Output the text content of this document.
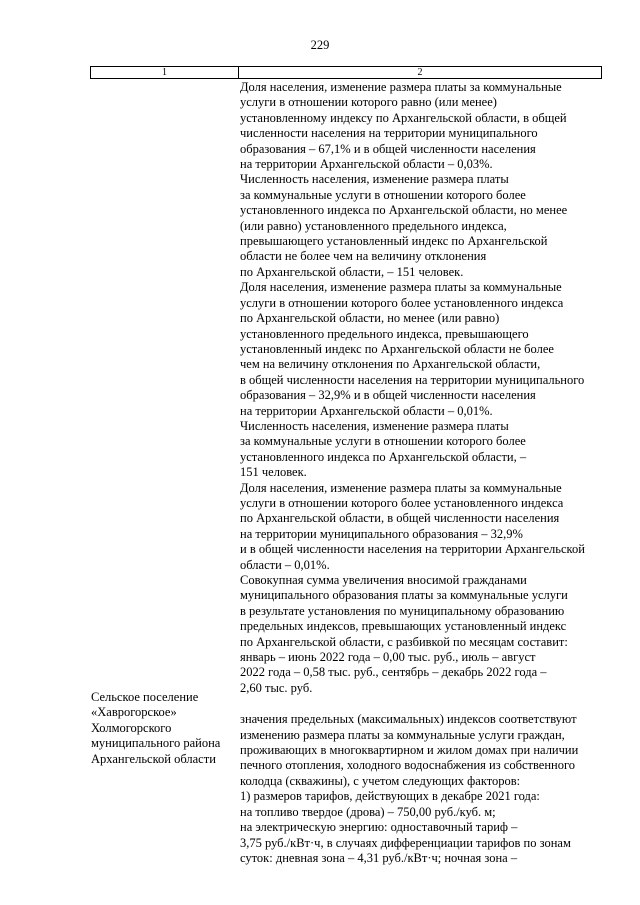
229
1	2
Доля населения, изменение размера платы за коммунальные
услуги в отношении которого равно (или менее)
установленному индексу по Архангельской области, в общей
численности населения на территории муниципального
образования – 67,1% и в общей численности населения
на территории Архангельской области – 0,03%.
Численность населения, изменение размера платы
за коммунальные услуги в отношении которого более
установленного индекса по Архангельской области, но менее
(или равно) установленного предельного индекса,
превышающего установленный индекс по Архангельской
области не более чем на величину отклонения
по Архангельской области, – 151 человек.
Доля населения, изменение размера платы за коммунальные
услуги в отношении которого более установленного индекса
по Архангельской области, но менее (или равно)
установленного предельного индекса, превышающего
установленный индекс по Архангельской области не более
чем на величину отклонения по Архангельской области,
в общей численности населения на территории муниципального
образования – 32,9% и в общей численности населения
на территории Архангельской области – 0,01%.
Численность населения, изменение размера платы
за коммунальные услуги в отношении которого более
установленного индекса по Архангельской области, –
151 человек.
Доля населения, изменение размера платы за коммунальные
услуги в отношении которого более установленного индекса
по Архангельской области, в общей численности населения
на территории муниципального образования – 32,9%
и в общей численности населения на территории Архангельской
области – 0,01%.
Совокупная сумма увеличения вносимой гражданами
муниципального образования платы за коммунальные услуги
в результате установления по муниципальному образованию
предельных индексов, превышающих установленный индекс
по Архангельской области, с разбивкой по месяцам составит:
январь – июнь 2022 года – 0,00 тыс. руб., июль – август
2022 года – 0,58 тыс. руб., сентябрь – декабрь 2022 года –
2,60 тыс. руб.
значения предельных (максимальных) индексов соответствуют
изменению размера платы за коммунальные услуги граждан,
проживающих в многоквартирном и жилом домах при наличии
печного отопления, холодного водоснабжения из собственного
колодца (скважины), с учетом следующих факторов:
1) размеров тарифов, действующих в декабре 2021 года:
на топливо твердое (дрова) – 750,00 руб./куб. м;
на электрическую энергию: одноставочный тариф –
3,75 руб./кВт·ч, в случаях дифференциации тарифов по зонам
суток: дневная зона – 4,31 руб./кВт·ч; ночная зона –
Сельское поселение
«Хаврогорское»
Холмогорского
муниципального района
Архангельской области
